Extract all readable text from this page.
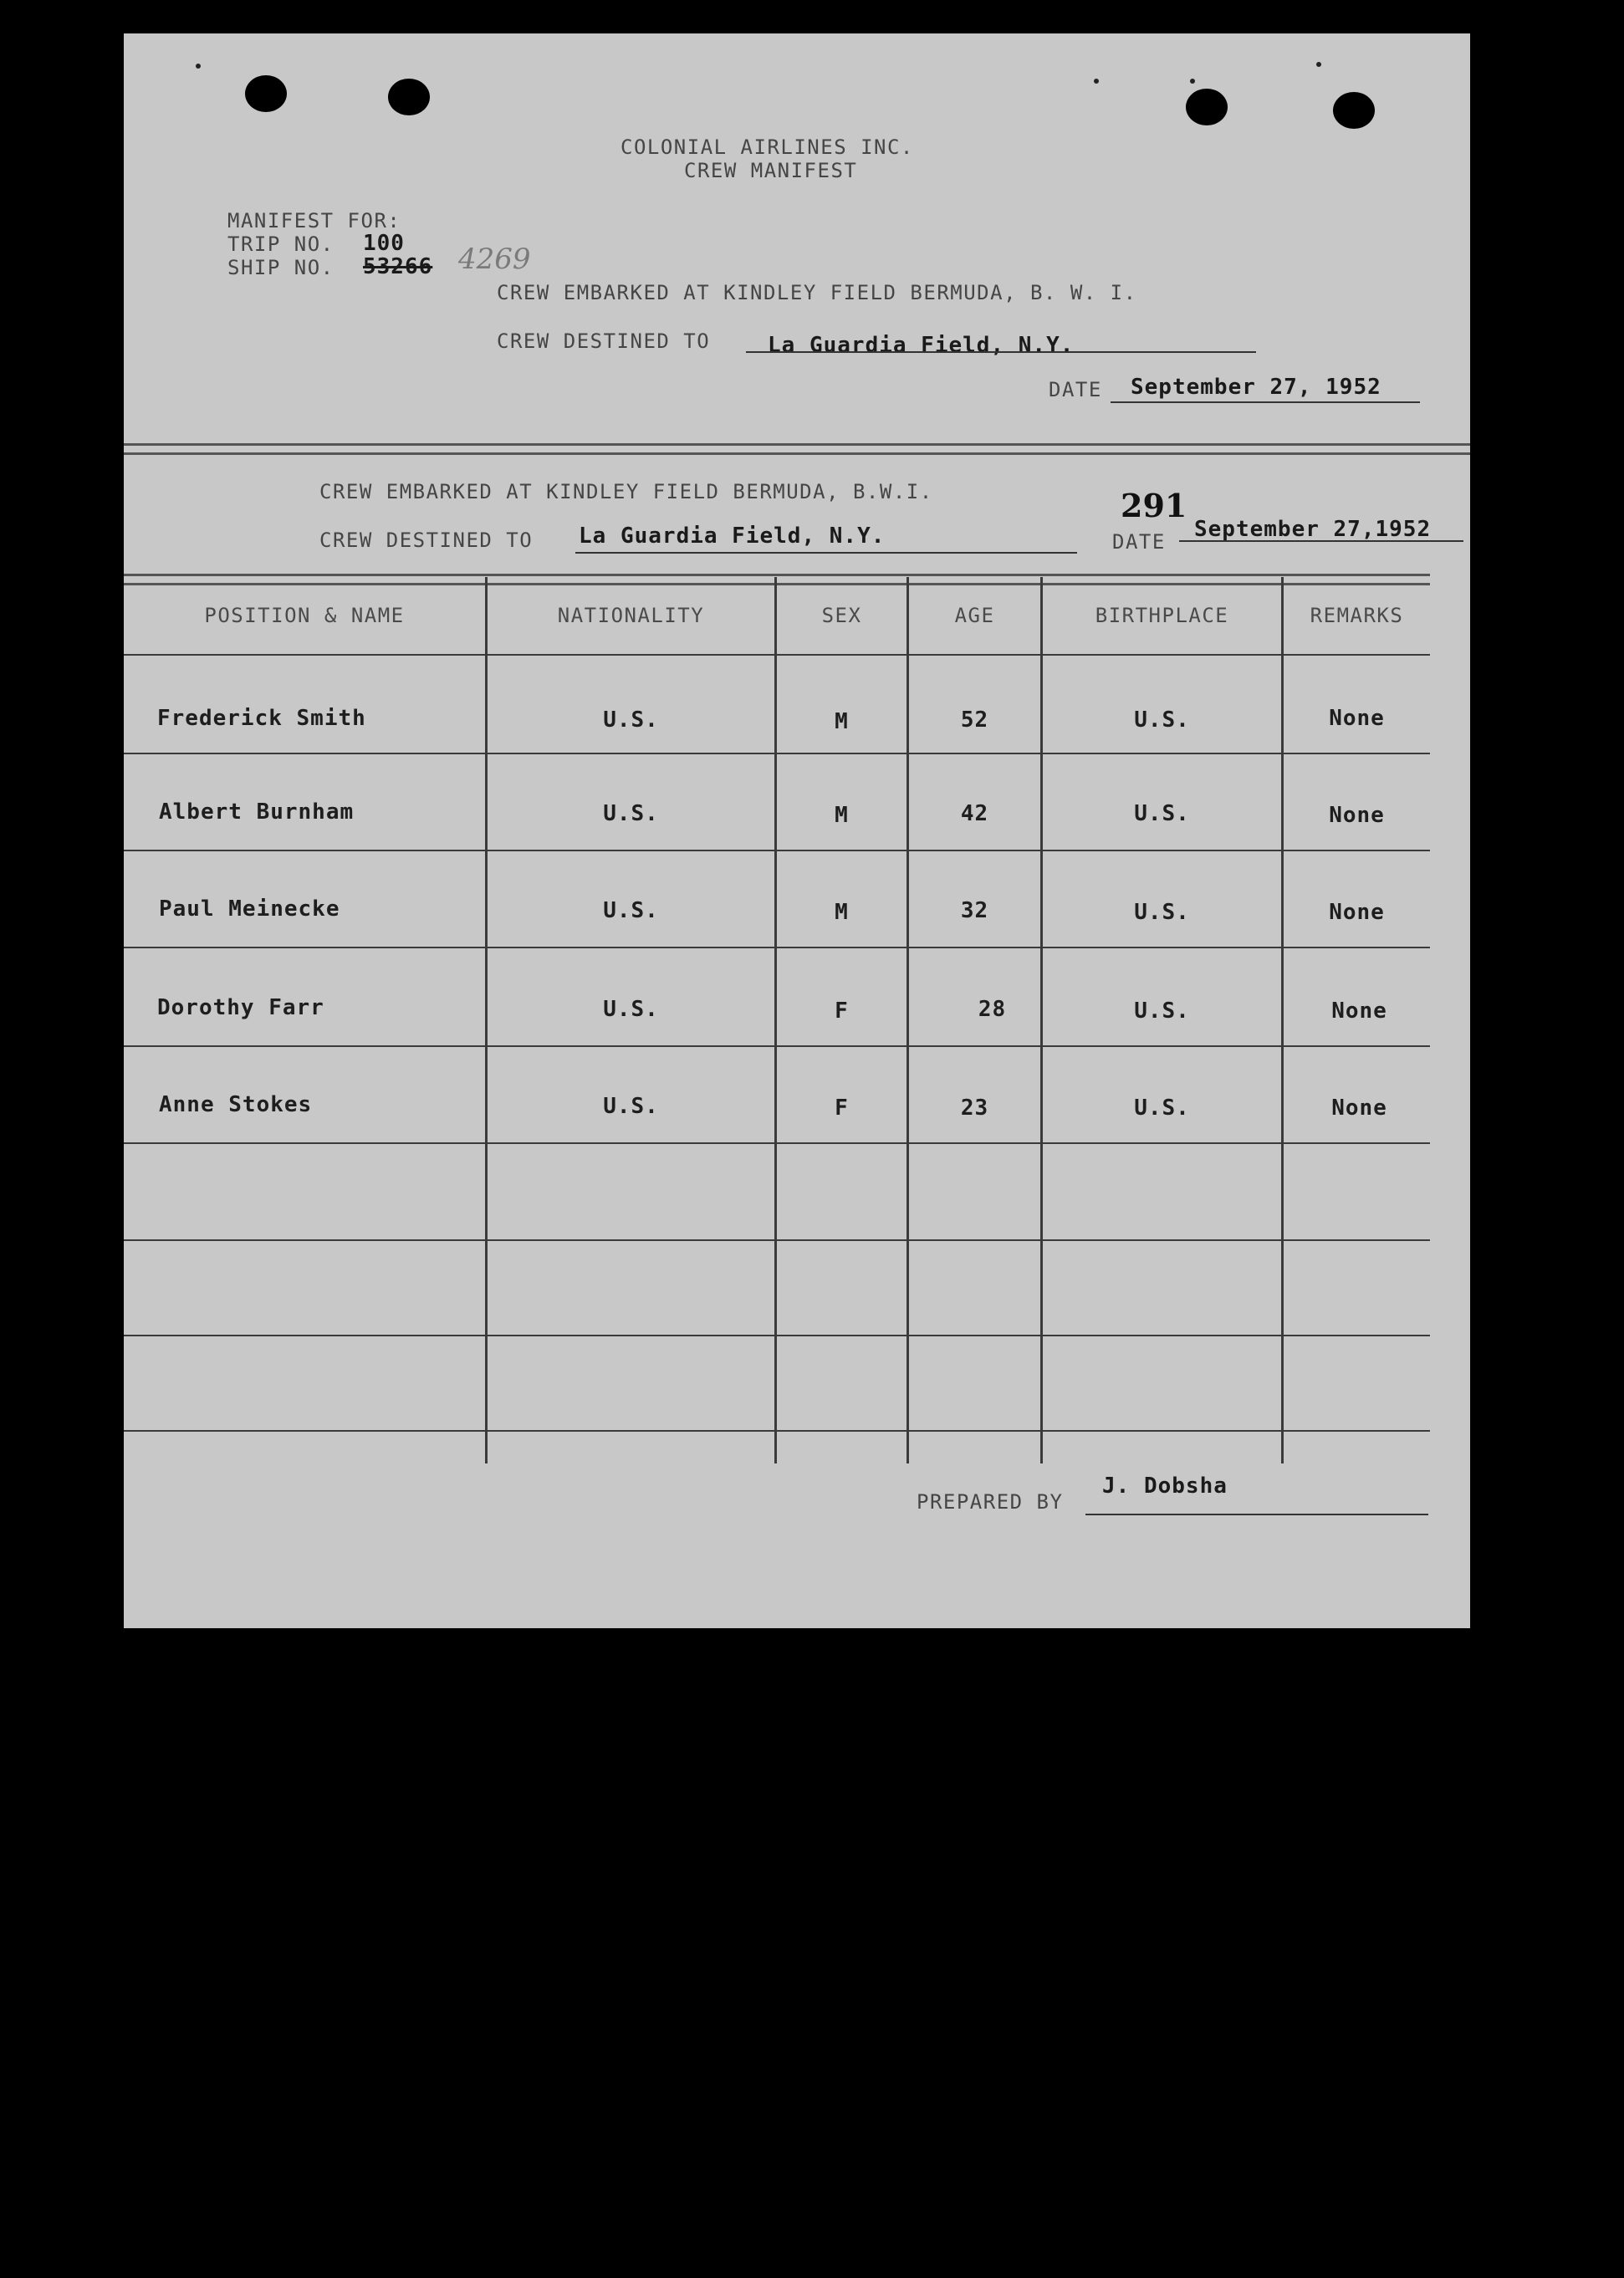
COLONIAL AIRLINES INC.
CREW MANIFEST
MANIFEST FOR:
TRIP NO. 100
SHIP NO. 53266 4269
CREW EMBARKED AT KINDLEY FIELD BERMUDA, B. W. I.
CREW DESTINED TO	La Guardia Field, N.Y.
DATE September 27, 1952
CREW EMBARKED AT KINDLEY FIELD BERMUDA, B.W.I.	291
CREW DESTINED TO La Guardia Field, N.Y.	DATE September 27,1952
POSITION & NAME	NATIONALITY	SEX	AGE	BIRTHPLACE	REMARKS
Frederick Smith	U.S.	M	52	U.S.	None
Albert Burnham	U.S.	M	42	U.S.	None
Paul Meinecke	U.S.	M	32	U.S.	None
Dorothy Farr	U.S.	F	28	U.S.	None
Anne Stokes	U.S.	F	23	U.S.	None
PREPARED BY
J. Dobsha
